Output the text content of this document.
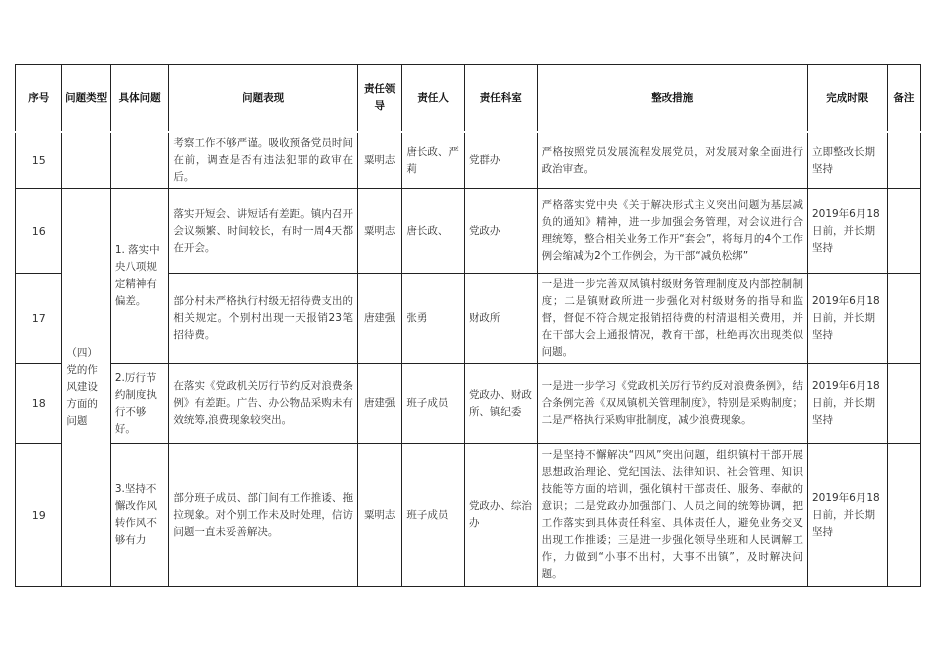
序号	问题类型	具体问题	问题表现	责任领导	责任人	责任科室	整改措施	完成时限	备注
15			考察工作不够严谨。吸收预备党员时间在前，调查是否有违法犯罪的政审在后。	粟明志	唐长政、严莉	党群办	严格按照党员发展流程发展党员，对发展对象全面进行政治审查。	立即整改长期坚持	
16	（四）党的作风建设方面的问题	1. 落实中央八项规定精神有偏差。	落实开短会、讲短话有差距。镇内召开会议频繁、时间较长，有时一周4天都在开会。	粟明志	唐长政、	党政办	严格落实党中央《关于解决形式主义突出问题为基层减负的通知》精神，进一步加强会务管理，对会议进行合理统筹，整合相关业务工作开“套会”，将每月的4个工作例会缩减为2个工作例会，为干部“减负松绑”	2019年6月18日前，并长期坚持	
17			部分村未严格执行村级无招待费支出的相关规定。个别村出现一天报销23笔招待费。	唐建强	张勇	财政所	一是进一步完善双凤镇村级财务管理制度及内部控制制度；二是镇财政所进一步强化对村级财务的指导和监督，督促不符合规定报销招待费的村清退相关费用，并在干部大会上通报情况，教育干部，杜绝再次出现类似问题。	2019年6月18日前，并长期坚持	
18		2.厉行节约制度执行不够好。	在落实《党政机关厉行节约反对浪费条例》有差距。广告、办公物品采购未有效统筹,浪费现象较突出。	唐建强	班子成员	党政办、财政所、镇纪委	一是进一步学习《党政机关厉行节约反对浪费条例》，结合条例完善《双凤镇机关管理制度》，特别是采购制度；二是严格执行采购审批制度，减少浪费现象。	2019年6月18日前，并长期坚持	
19		3.坚持不懈改作风转作风不够有力	部分班子成员、部门间有工作推诿、拖拉现象。对个别工作未及时处理，信访问题一直未妥善解决。	粟明志	班子成员	党政办、综治办	一是坚持不懈解决“四风”突出问题，组织镇村干部开展思想政治理论、党纪国法、法律知识、社会管理、知识技能等方面的培训，强化镇村干部责任、服务、奉献的意识；二是党政办加强部门、人员之间的统筹协调，把工作落实到具体责任科室、具体责任人，避免业务交叉出现工作推诿；三是进一步强化领导坐班和人民调解工作，力做到“小事不出村，大事不出镇”，及时解决问题。	2019年6月18日前，并长期坚持	
